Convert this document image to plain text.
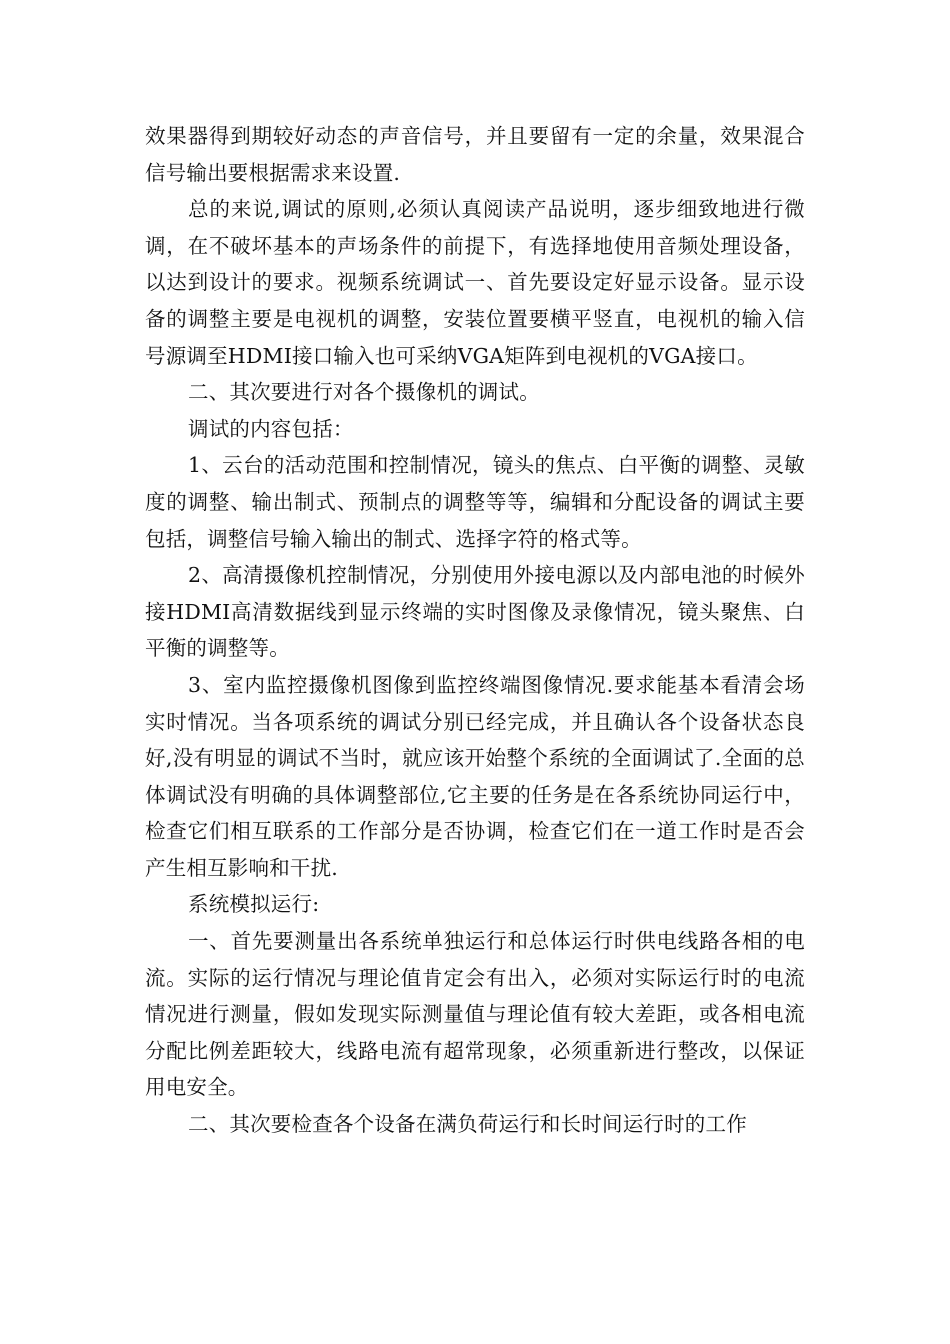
效果器得到期较好动态的声音信号，并且要留有一定的余量，效果混合信号输出要根据需求来设置.

总的来说,调试的原则,必须认真阅读产品说明，逐步细致地进行微调，在不破坏基本的声场条件的前提下，有选择地使用音频处理设备，以达到设计的要求。视频系统调试一、首先要设定好显示设备。显示设备的调整主要是电视机的调整，安装位置要横平竖直，电视机的输入信号源调至HDMI接口输入也可采纳VGA矩阵到电视机的VGA接口。

二、其次要进行对各个摄像机的调试。

调试的内容包括：

1、云台的活动范围和控制情况，镜头的焦点、白平衡的调整、灵敏度的调整、输出制式、预制点的调整等等，编辑和分配设备的调试主要包括，调整信号输入输出的制式、选择字符的格式等。

2、高清摄像机控制情况，分别使用外接电源以及内部电池的时候外接HDMI高清数据线到显示终端的实时图像及录像情况，镜头聚焦、白平衡的调整等。

3、室内监控摄像机图像到监控终端图像情况.要求能基本看清会场实时情况。当各项系统的调试分别已经完成，并且确认各个设备状态良好,没有明显的调试不当时，就应该开始整个系统的全面调试了.全面的总体调试没有明确的具体调整部位,它主要的任务是在各系统协同运行中，检查它们相互联系的工作部分是否协调，检查它们在一道工作时是否会产生相互影响和干扰.

系统模拟运行:

一、首先要测量出各系统单独运行和总体运行时供电线路各相的电流。实际的运行情况与理论值肯定会有出入，必须对实际运行时的电流情况进行测量，假如发现实际测量值与理论值有较大差距，或各相电流分配比例差距较大，线路电流有超常现象，必须重新进行整改，以保证用电安全。

二、其次要检查各个设备在满负荷运行和长时间运行时的工作
